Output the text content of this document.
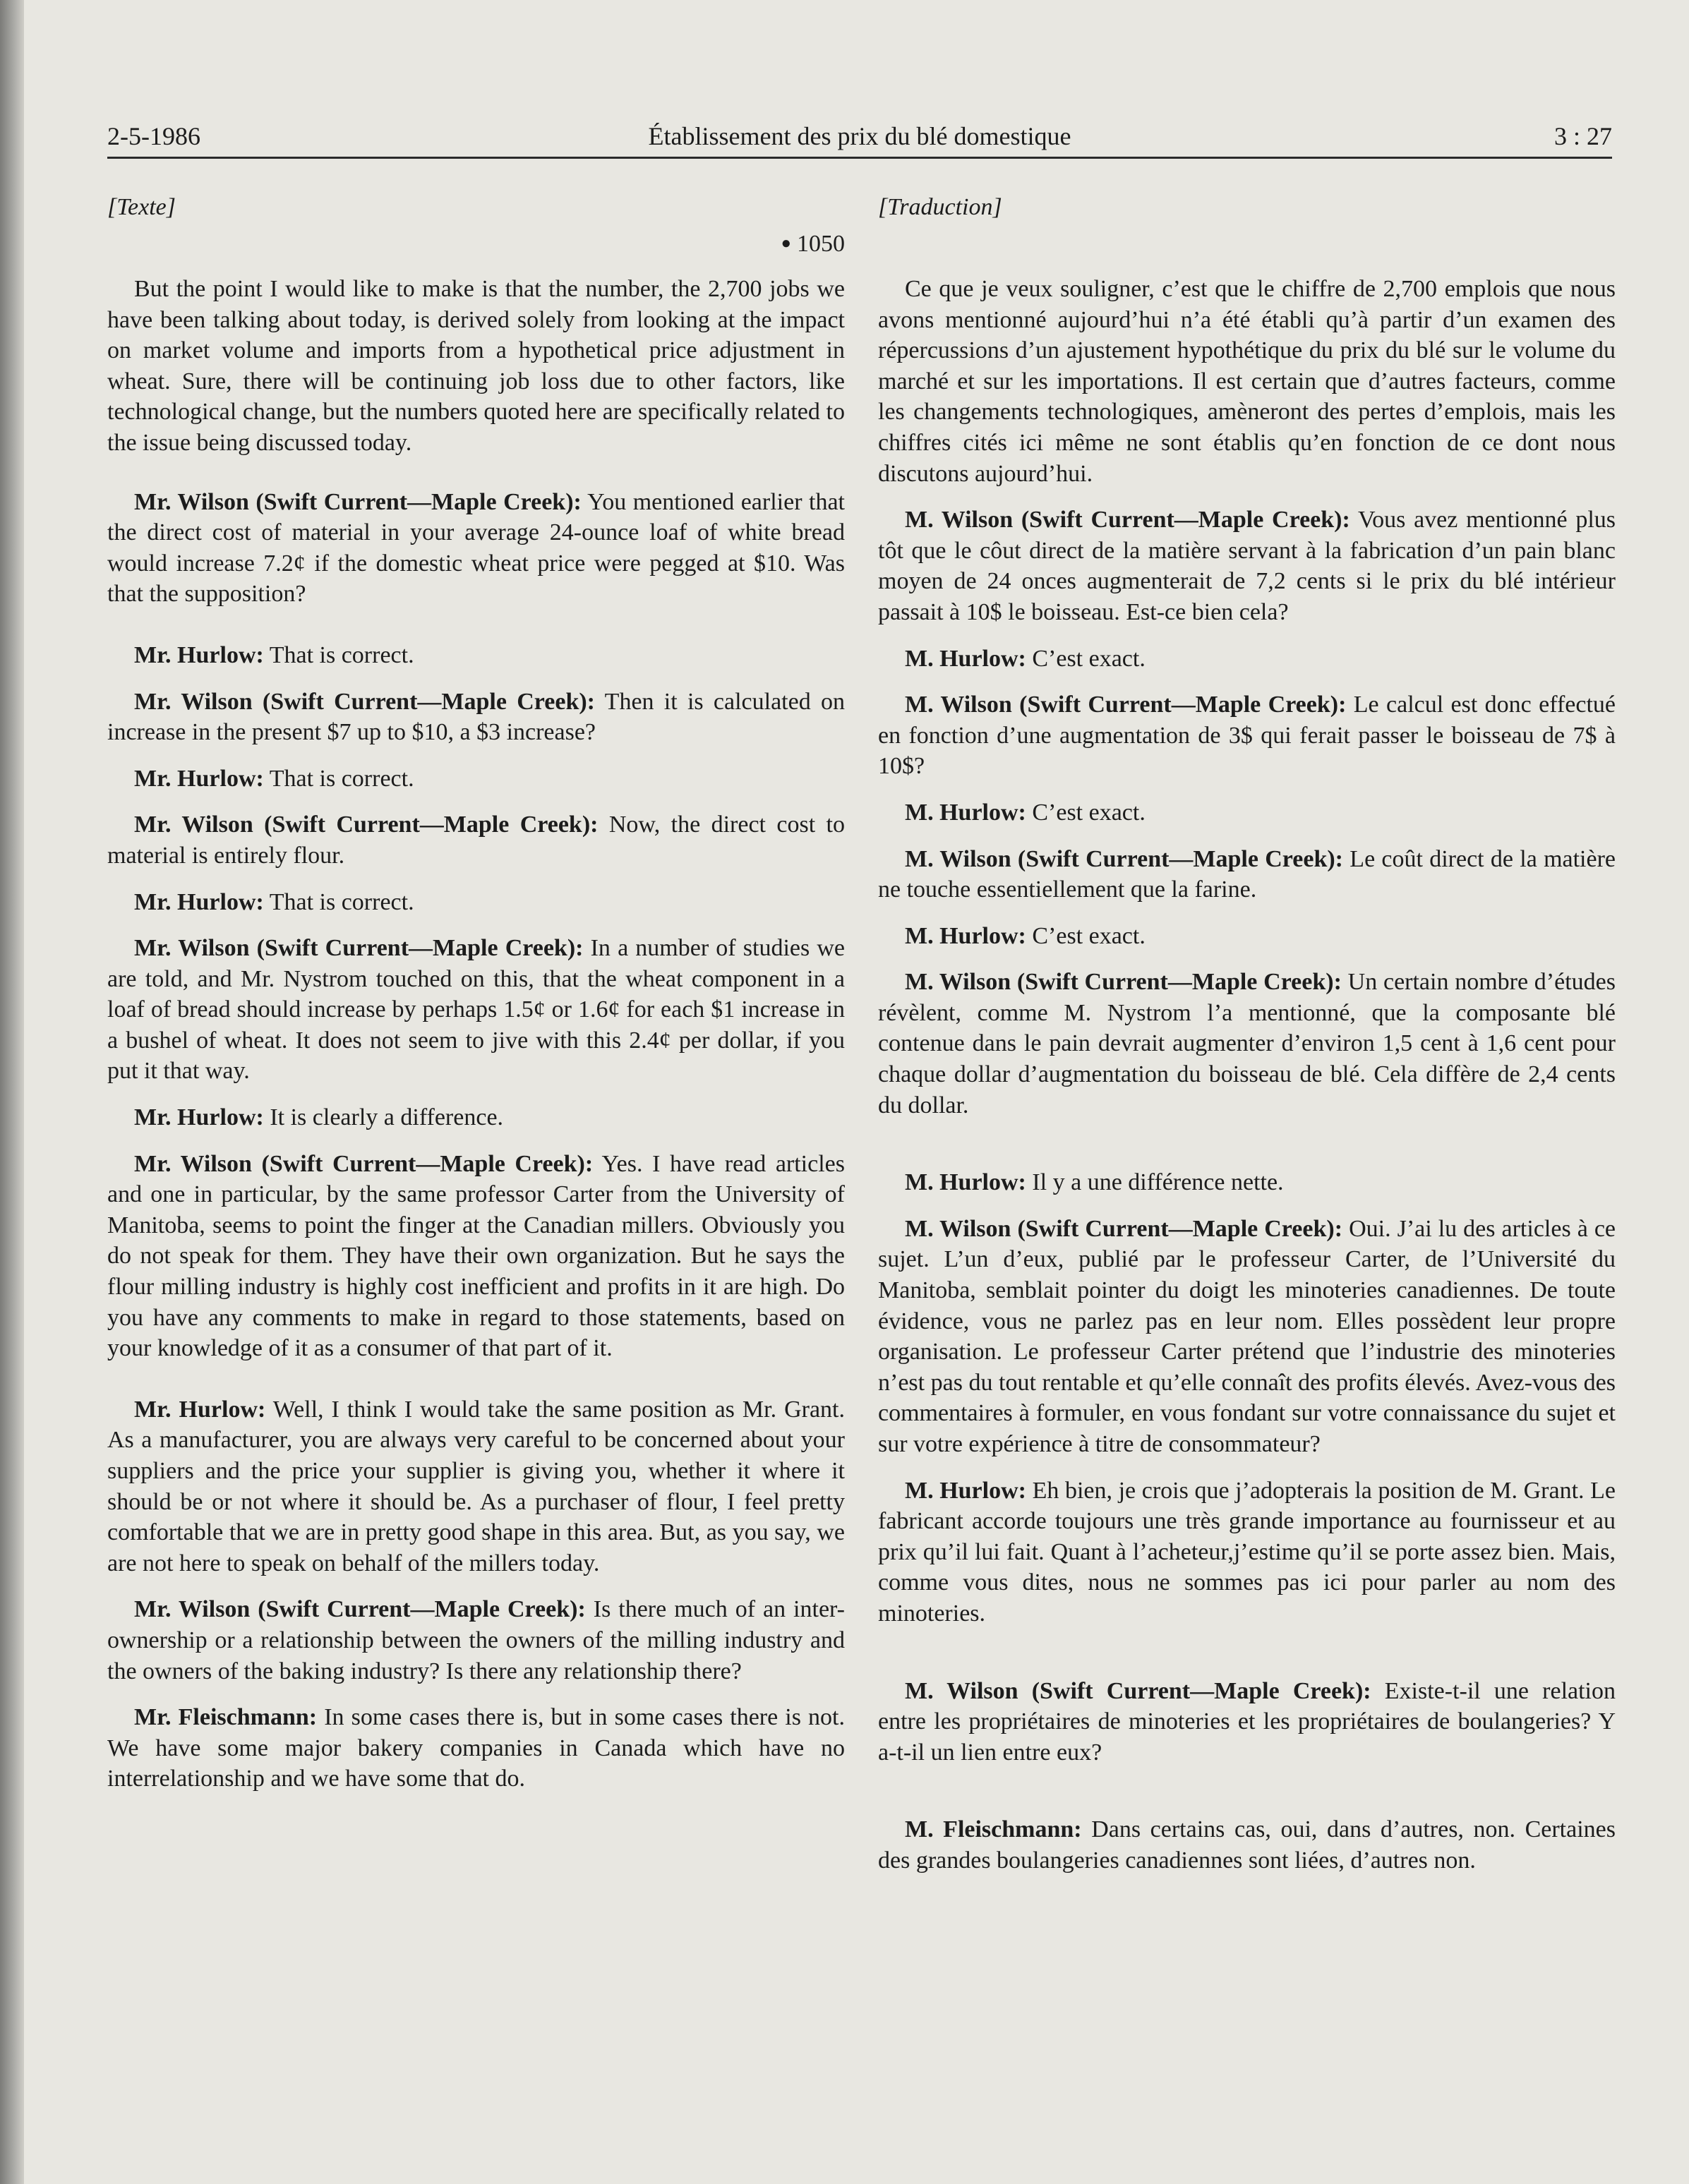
2-5-1986	Établissement des prix du blé domestique	3 : 27
[Texte]
● 1050

But the point I would like to make is that the number, the 2,700 jobs we have been talking about today, is derived solely from looking at the impact on market volume and imports from a hypothetical price adjustment in wheat. Sure, there will be continuing job loss due to other factors, like technological change, but the numbers quoted here are specifically related to the issue being discussed today.

Mr. Wilson (Swift Current—Maple Creek): You mentioned earlier that the direct cost of material in your average 24-ounce loaf of white bread would increase 7.2¢ if the domestic wheat price were pegged at $10. Was that the supposition?

Mr. Hurlow: That is correct.

Mr. Wilson (Swift Current—Maple Creek): Then it is calculated on increase in the present $7 up to $10, a $3 increase?

Mr. Hurlow: That is correct.

Mr. Wilson (Swift Current—Maple Creek): Now, the direct cost to material is entirely flour.

Mr. Hurlow: That is correct.

Mr. Wilson (Swift Current—Maple Creek): In a number of studies we are told, and Mr. Nystrom touched on this, that the wheat component in a loaf of bread should increase by perhaps 1.5¢ or 1.6¢ for each $1 increase in a bushel of wheat. It does not seem to jive with this 2.4¢ per dollar, if you put it that way.

Mr. Hurlow: It is clearly a difference.

Mr. Wilson (Swift Current—Maple Creek): Yes. I have read articles and one in particular, by the same professor Carter from the University of Manitoba, seems to point the finger at the Canadian millers. Obviously you do not speak for them. They have their own organization. But he says the flour milling industry is highly cost inefficient and profits in it are high. Do you have any comments to make in regard to those statements, based on your knowledge of it as a consumer of that part of it.

Mr. Hurlow: Well, I think I would take the same position as Mr. Grant. As a manufacturer, you are always very careful to be concerned about your suppliers and the price your supplier is giving you, whether it where it should be or not where it should be. As a purchaser of flour, I feel pretty comfortable that we are in pretty good shape in this area. But, as you say, we are not here to speak on behalf of the millers today.

Mr. Wilson (Swift Current—Maple Creek): Is there much of an inter-ownership or a relationship between the owners of the milling industry and the owners of the baking industry? Is there any relationship there?

Mr. Fleischmann: In some cases there is, but in some cases there is not. We have some major bakery companies in Canada which have no interrelationship and we have some that do.

[Traduction]

Ce que je veux souligner, c’est que le chiffre de 2,700 emplois que nous avons mentionné aujourd’hui n’a été établi qu’à partir d’un examen des répercussions d’un ajustement hypothétique du prix du blé sur le volume du marché et sur les importations. Il est certain que d’autres facteurs, comme les changements technologiques, amèneront des pertes d’emplois, mais les chiffres cités ici même ne sont établis qu’en fonction de ce dont nous discutons aujourd’hui.

M. Wilson (Swift Current—Maple Creek): Vous avez mentionné plus tôt que le côut direct de la matière servant à la fabrication d’un pain blanc moyen de 24 onces augmenterait de 7,2 cents si le prix du blé intérieur passait à 10$ le boisseau. Est-ce bien cela?

M. Hurlow: C’est exact.

M. Wilson (Swift Current—Maple Creek): Le calcul est donc effectué en fonction d’une augmentation de 3$ qui ferait passer le boisseau de 7$ à 10$?

M. Hurlow: C’est exact.

M. Wilson (Swift Current—Maple Creek): Le coût direct de la matière ne touche essentiellement que la farine.

M. Hurlow: C’est exact.

M. Wilson (Swift Current—Maple Creek): Un certain nombre d’études révèlent, comme M. Nystrom l’a mentionné, que la composante blé contenue dans le pain devrait augmenter d’environ 1,5 cent à 1,6 cent pour chaque dollar d’augmentation du boisseau de blé. Cela diffère de 2,4 cents du dollar.

M. Hurlow: Il y a une différence nette.

M. Wilson (Swift Current—Maple Creek): Oui. J’ai lu des articles à ce sujet. L’un d’eux, publié par le professeur Carter, de l’Université du Manitoba, semblait pointer du doigt les minoteries canadiennes. De toute évidence, vous ne parlez pas en leur nom. Elles possèdent leur propre organisation. Le professeur Carter prétend que l’industrie des minoteries n’est pas du tout rentable et qu’elle connaît des profits élevés. Avez-vous des commentaires à formuler, en vous fondant sur votre connaissance du sujet et sur votre expérience à titre de consommateur?

M. Hurlow: Eh bien, je crois que j’adopterais la position de M. Grant. Le fabricant accorde toujours une très grande importance au fournisseur et au prix qu’il lui fait. Quant à l’acheteur,j’estime qu’il se porte assez bien. Mais, comme vous dites, nous ne sommes pas ici pour parler au nom des minoteries.

M. Wilson (Swift Current—Maple Creek): Existe-t-il une relation entre les propriétaires de minoteries et les propriétaires de boulangeries? Y a-t-il un lien entre eux?

M. Fleischmann: Dans certains cas, oui, dans d’autres, non. Certaines des grandes boulangeries canadiennes sont liées, d’autres non.
